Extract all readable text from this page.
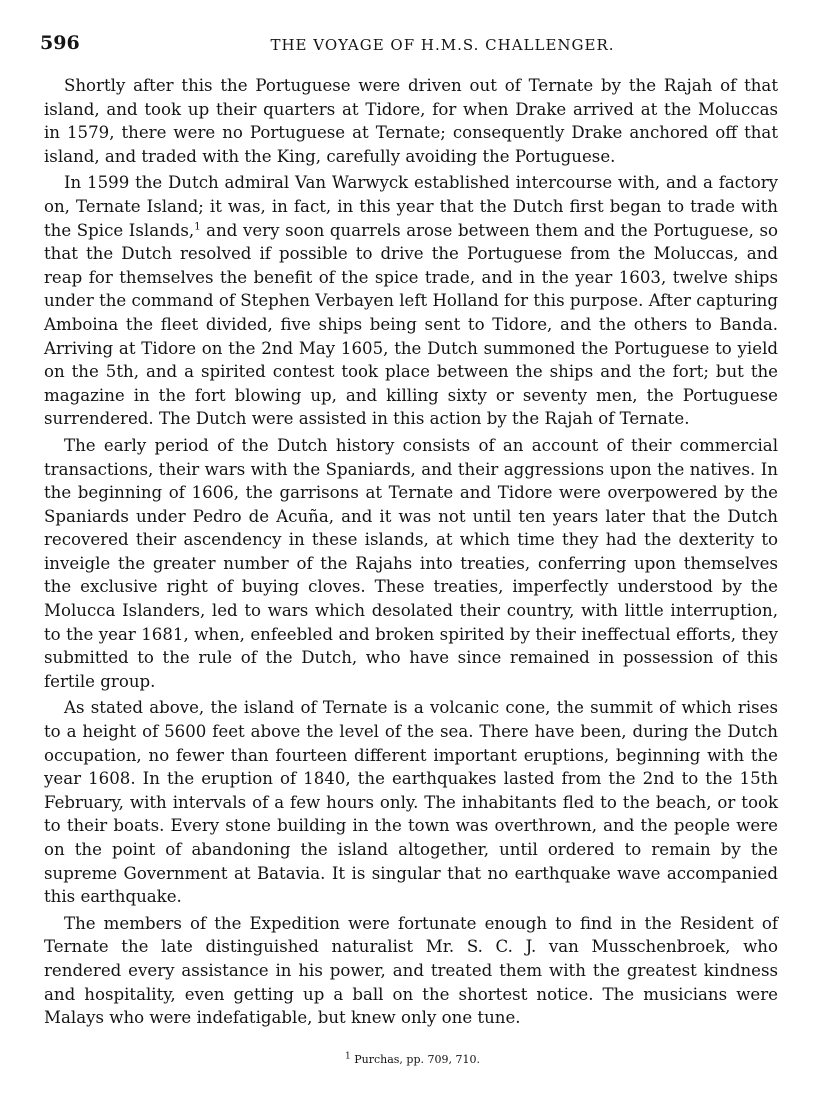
596	THE VOYAGE OF H.M.S. CHALLENGER.

Shortly after this the Portuguese were driven out of Ternate by the Rajah of that island, and took up their quarters at Tidore, for when Drake arrived at the Moluccas in 1579, there were no Portuguese at Ternate; consequently Drake anchored off that island, and traded with the King, carefully avoiding the Portuguese.

In 1599 the Dutch admiral Van Warwyck established intercourse with, and a factory on, Ternate Island; it was, in fact, in this year that the Dutch first began to trade with the Spice Islands,$^1$ and very soon quarrels arose between them and the Portuguese, so that the Dutch resolved if possible to drive the Portuguese from the Moluccas, and reap for themselves the benefit of the spice trade, and in the year 1603, twelve ships under the command of Stephen Verbayen left Holland for this purpose. After capturing Amboina the fleet divided, five ships being sent to Tidore, and the others to Banda. Arriving at Tidore on the 2nd May 1605, the Dutch summoned the Portuguese to yield on the 5th, and a spirited contest took place between the ships and the fort; but the magazine in the fort blowing up, and killing sixty or seventy men, the Portuguese surrendered. The Dutch were assisted in this action by the Rajah of Ternate.

The early period of the Dutch history consists of an account of their commercial transactions, their wars with the Spaniards, and their aggressions upon the natives. In the beginning of 1606, the garrisons at Ternate and Tidore were overpowered by the Spaniards under Pedro de Acuña, and it was not until ten years later that the Dutch recovered their ascendency in these islands, at which time they had the dexterity to inveigle the greater number of the Rajahs into treaties, conferring upon themselves the exclusive right of buying cloves. These treaties, imperfectly understood by the Molucca Islanders, led to wars which desolated their country, with little interruption, to the year 1681, when, enfeebled and broken spirited by their ineffectual efforts, they submitted to the rule of the Dutch, who have since remained in possession of this fertile group.

As stated above, the island of Ternate is a volcanic cone, the summit of which rises to a height of 5600 feet above the level of the sea. There have been, during the Dutch occupation, no fewer than fourteen different important eruptions, beginning with the year 1608. In the eruption of 1840, the earthquakes lasted from the 2nd to the 15th February, with intervals of a few hours only. The inhabitants fled to the beach, or took to their boats. Every stone building in the town was overthrown, and the people were on the point of abandoning the island altogether, until ordered to remain by the supreme Government at Batavia. It is singular that no earthquake wave accompanied this earthquake.

The members of the Expedition were fortunate enough to find in the Resident of Ternate the late distinguished naturalist Mr. S. C. J. van Musschenbroek, who rendered every assistance in his power, and treated them with the greatest kindness and hospitality, even getting up a ball on the shortest notice. The musicians were Malays who were indefatigable, but knew only one tune.

$^1$ Purchas, pp. 709, 710.
